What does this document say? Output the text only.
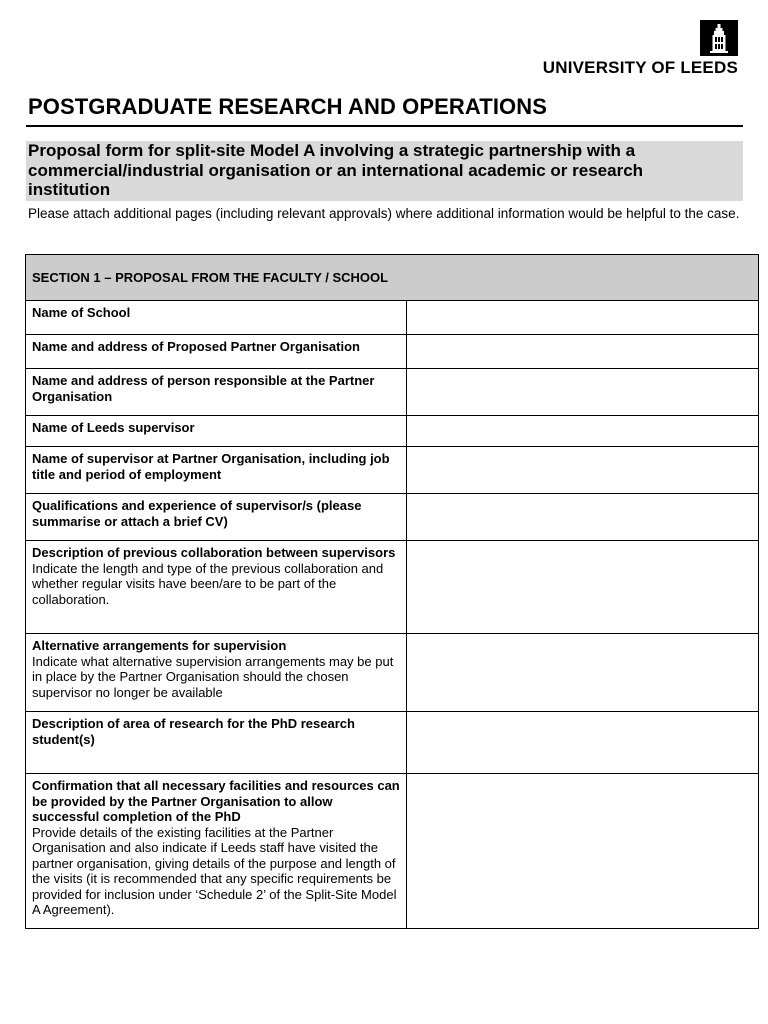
UNIVERSITY OF LEEDS
POSTGRADUATE RESEARCH AND OPERATIONS

Proposal form for split-site Model A involving a strategic partnership with a
commercial/industrial organisation or an international academic or research
institution

Please attach additional pages (including relevant approvals) where additional information would be helpful to the case.
SECTION 1 – PROPOSAL FROM THE FACULTY / SCHOOL	
Name of School	
Name and address of Proposed Partner Organisation	
Name and address of person responsible at the Partner Organisation	
Name of Leeds supervisor	
Name of supervisor at Partner Organisation, including job title and period of employment	
Qualifications and experience of supervisor/s (please summarise or attach a brief CV)	

Description of previous collaboration between supervisors
Indicate the length and type of the previous collaboration and whether regular visits have been/are to be part of the collaboration.	

Alternative arrangements for supervision
Indicate what alternative supervision arrangements may be put in place by the Partner Organisation should the chosen supervisor no longer be available	

Description of area of research for the PhD research student(s)	

Confirmation that all necessary facilities and resources can be provided by the Partner Organisation to allow successful completion of the PhD
Provide details of the existing facilities at the Partner Organisation and also indicate if Leeds staff have visited the partner organisation, giving details of the purpose and length of the visits (it is recommended that any specific requirements be provided for inclusion under ‘Schedule 2’ of the Split-Site Model A Agreement).	
